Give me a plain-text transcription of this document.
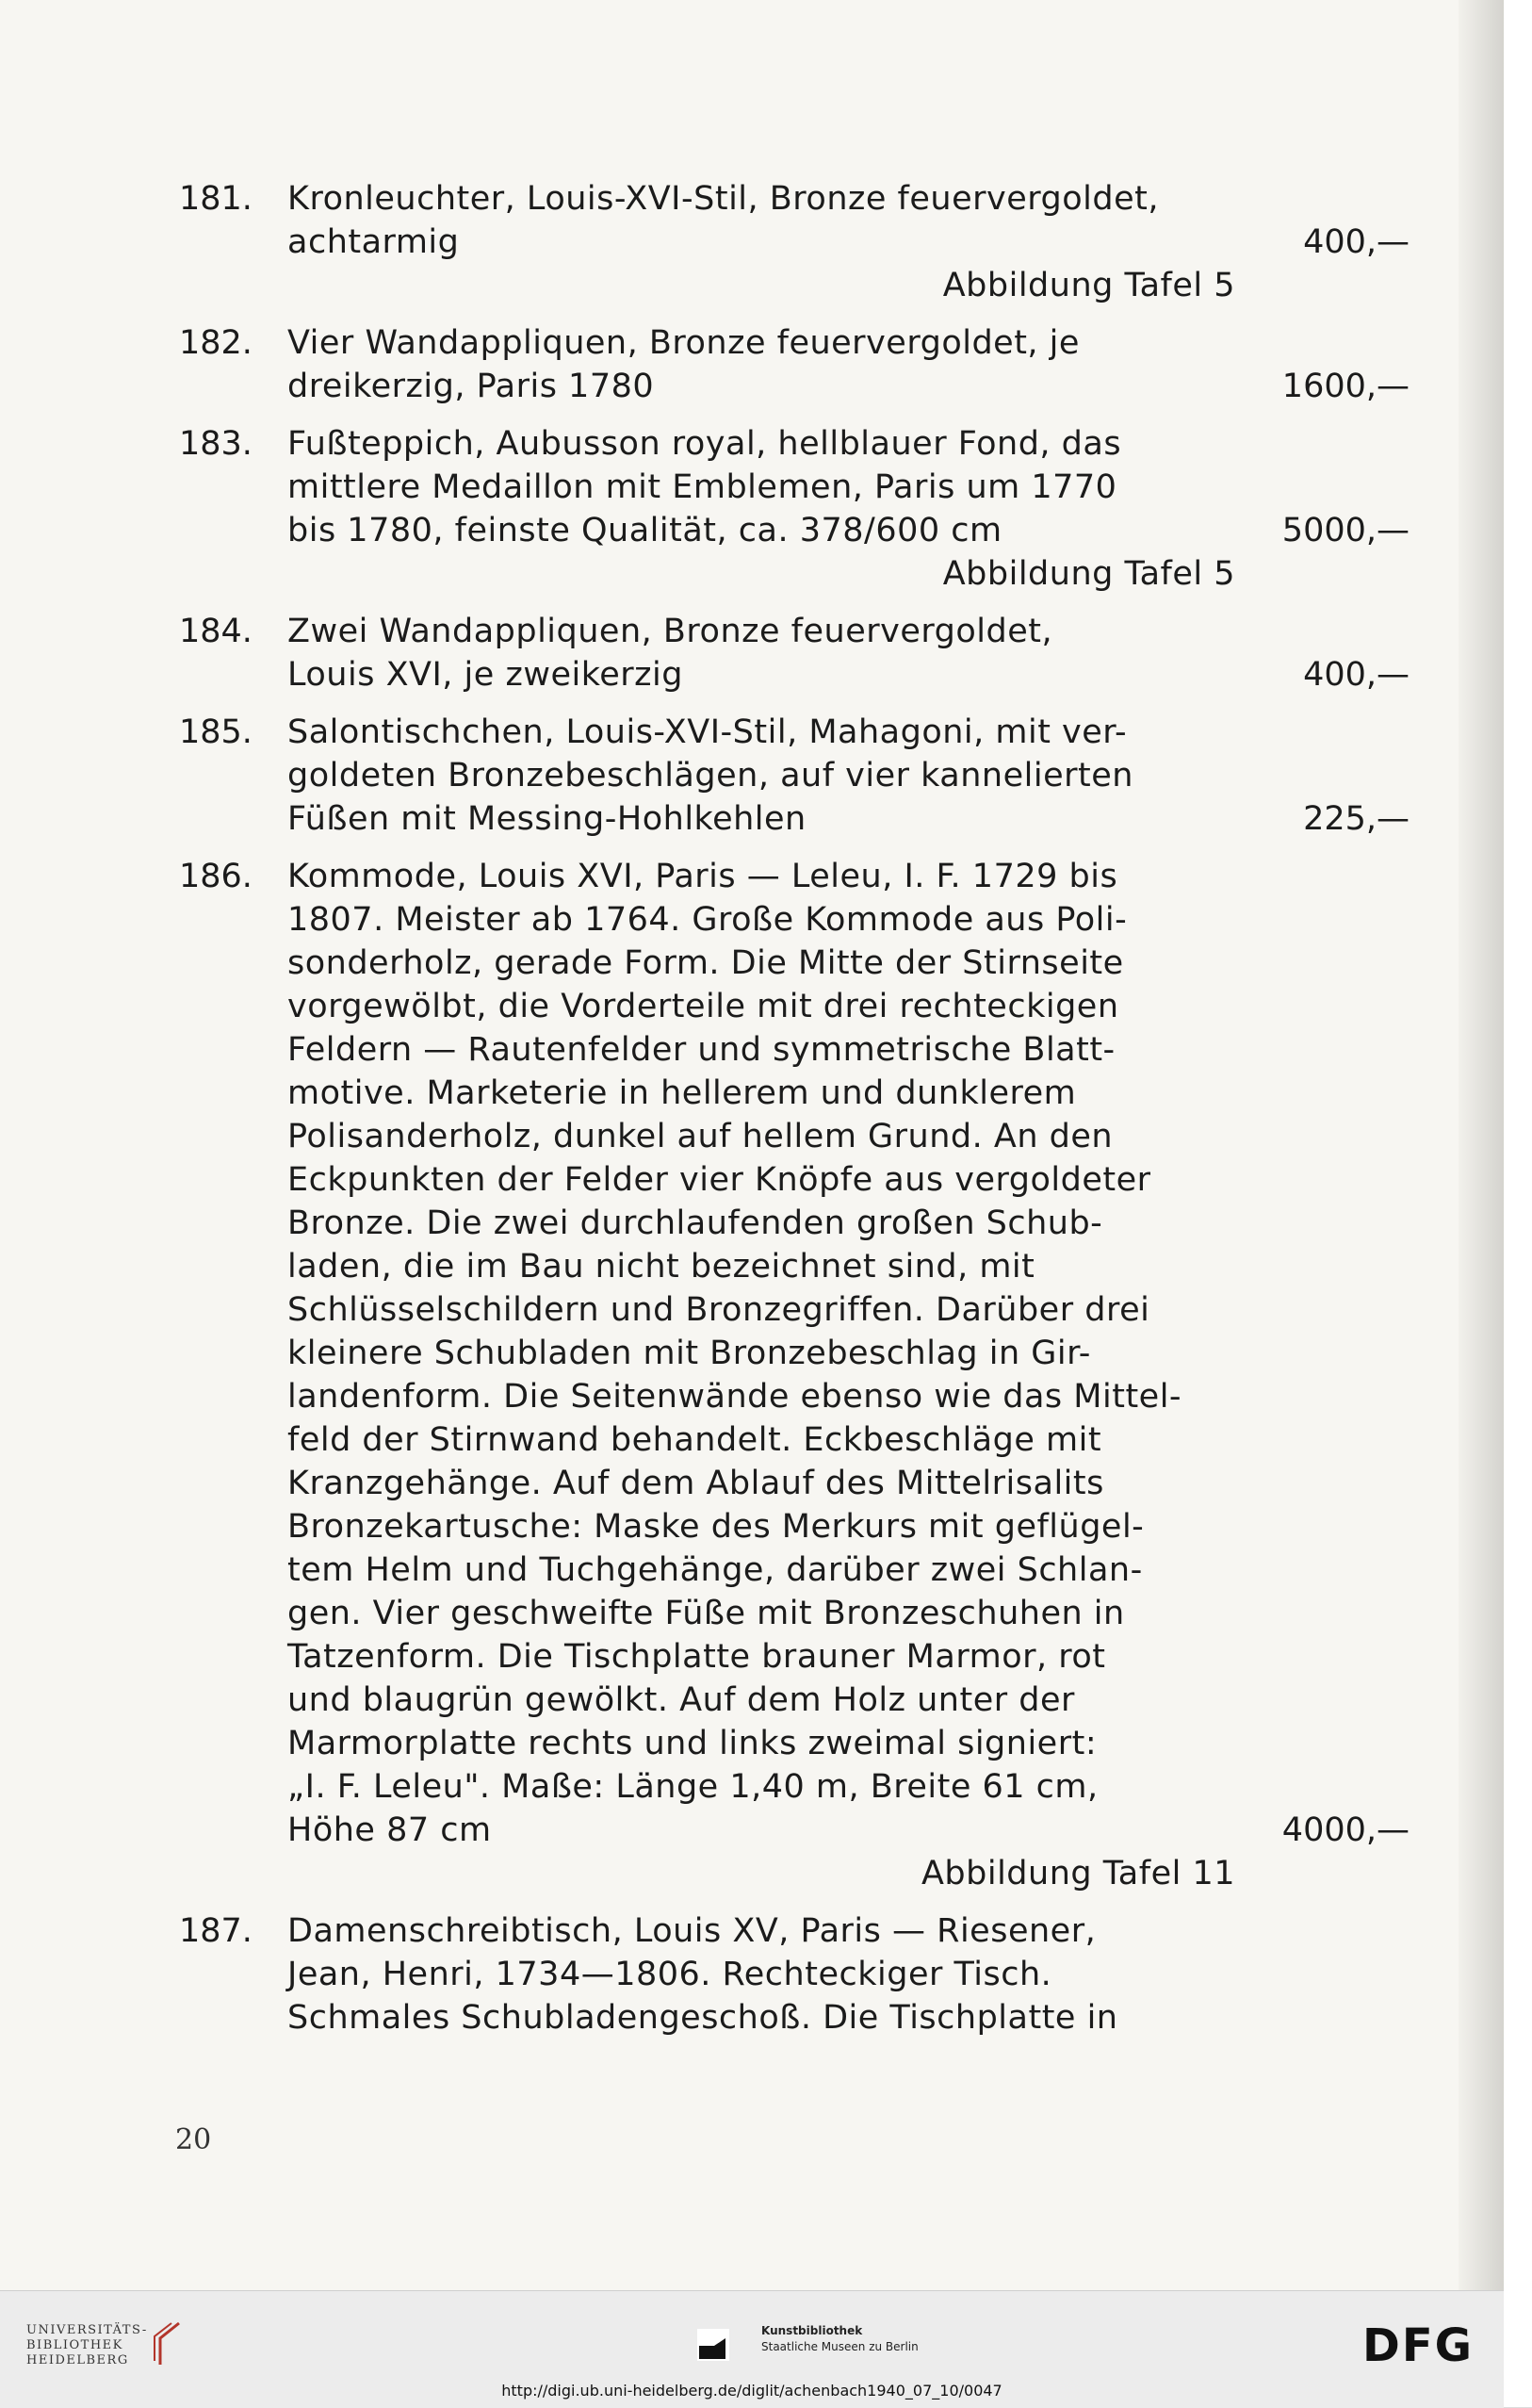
181. Kronleuchter, Louis-XVI-Stil, Bronze feuervergoldet,
achtarmig	400,—
Abbildung Tafel 5
182. Vier Wandappliquen, Bronze feuervergoldet, je
dreikerzig, Paris 1780	1600,—
183. Fußteppich, Aubusson royal, hellblauer Fond, das
mittlere Medaillon mit Emblemen, Paris um 1770
bis 1780, feinste Qualität, ca. 378/600 cm	5000,—
Abbildung Tafel 5
184. Zwei Wandappliquen, Bronze feuervergoldet,
Louis XVI, je zweikerzig	400,—
185. Salontischchen, Louis-XVI-Stil, Mahagoni, mit ver-
goldeten Bronzebeschlägen, auf vier kannelierten
Füßen mit Messing-Hohlkehlen	225,—
186. Kommode, Louis XVI, Paris — Leleu, I. F. 1729 bis
1807. Meister ab 1764. Große Kommode aus Poli-
sonderholz, gerade Form. Die Mitte der Stirnseite
vorgewölbt, die Vorderteile mit drei rechteckigen
Feldern — Rautenfelder und symmetrische Blatt-
motive. Marketerie in hellerem und dunklerem
Polisanderholz, dunkel auf hellem Grund. An den
Eckpunkten der Felder vier Knöpfe aus vergoldeter
Bronze. Die zwei durchlaufenden großen Schub-
laden, die im Bau nicht bezeichnet sind, mit
Schlüsselschildern und Bronzegriffen. Darüber drei
kleinere Schubladen mit Bronzebeschlag in Gir-
landenform. Die Seitenwände ebenso wie das Mittel-
feld der Stirnwand behandelt. Eckbeschläge mit
Kranzgehänge. Auf dem Ablauf des Mittelrisalits
Bronzekartusche: Maske des Merkurs mit geflügel-
tem Helm und Tuchgehänge, darüber zwei Schlan-
gen. Vier geschweifte Füße mit Bronzeschuhen in
Tatzenform. Die Tischplatte brauner Marmor, rot
und blaugrün gewölkt. Auf dem Holz unter der
Marmorplatte rechts und links zweimal signiert:
„I. F. Leleu". Maße: Länge 1,40 m, Breite 61 cm,
Höhe 87 cm	4000,—
Abbildung Tafel 11
187. Damenschreibtisch, Louis XV, Paris — Riesener,
Jean, Henri, 1734—1806. Rechteckiger Tisch.
Schmales Schubladengeschoß. Die Tischplatte in
20
UNIVERSITÄTS-
BIBLIOTHEK
HEIDELBERG
Kunstbibliothek
Staatliche Museen zu Berlin	DFG
http://digi.ub.uni-heidelberg.de/diglit/achenbach1940_07_10/0047
